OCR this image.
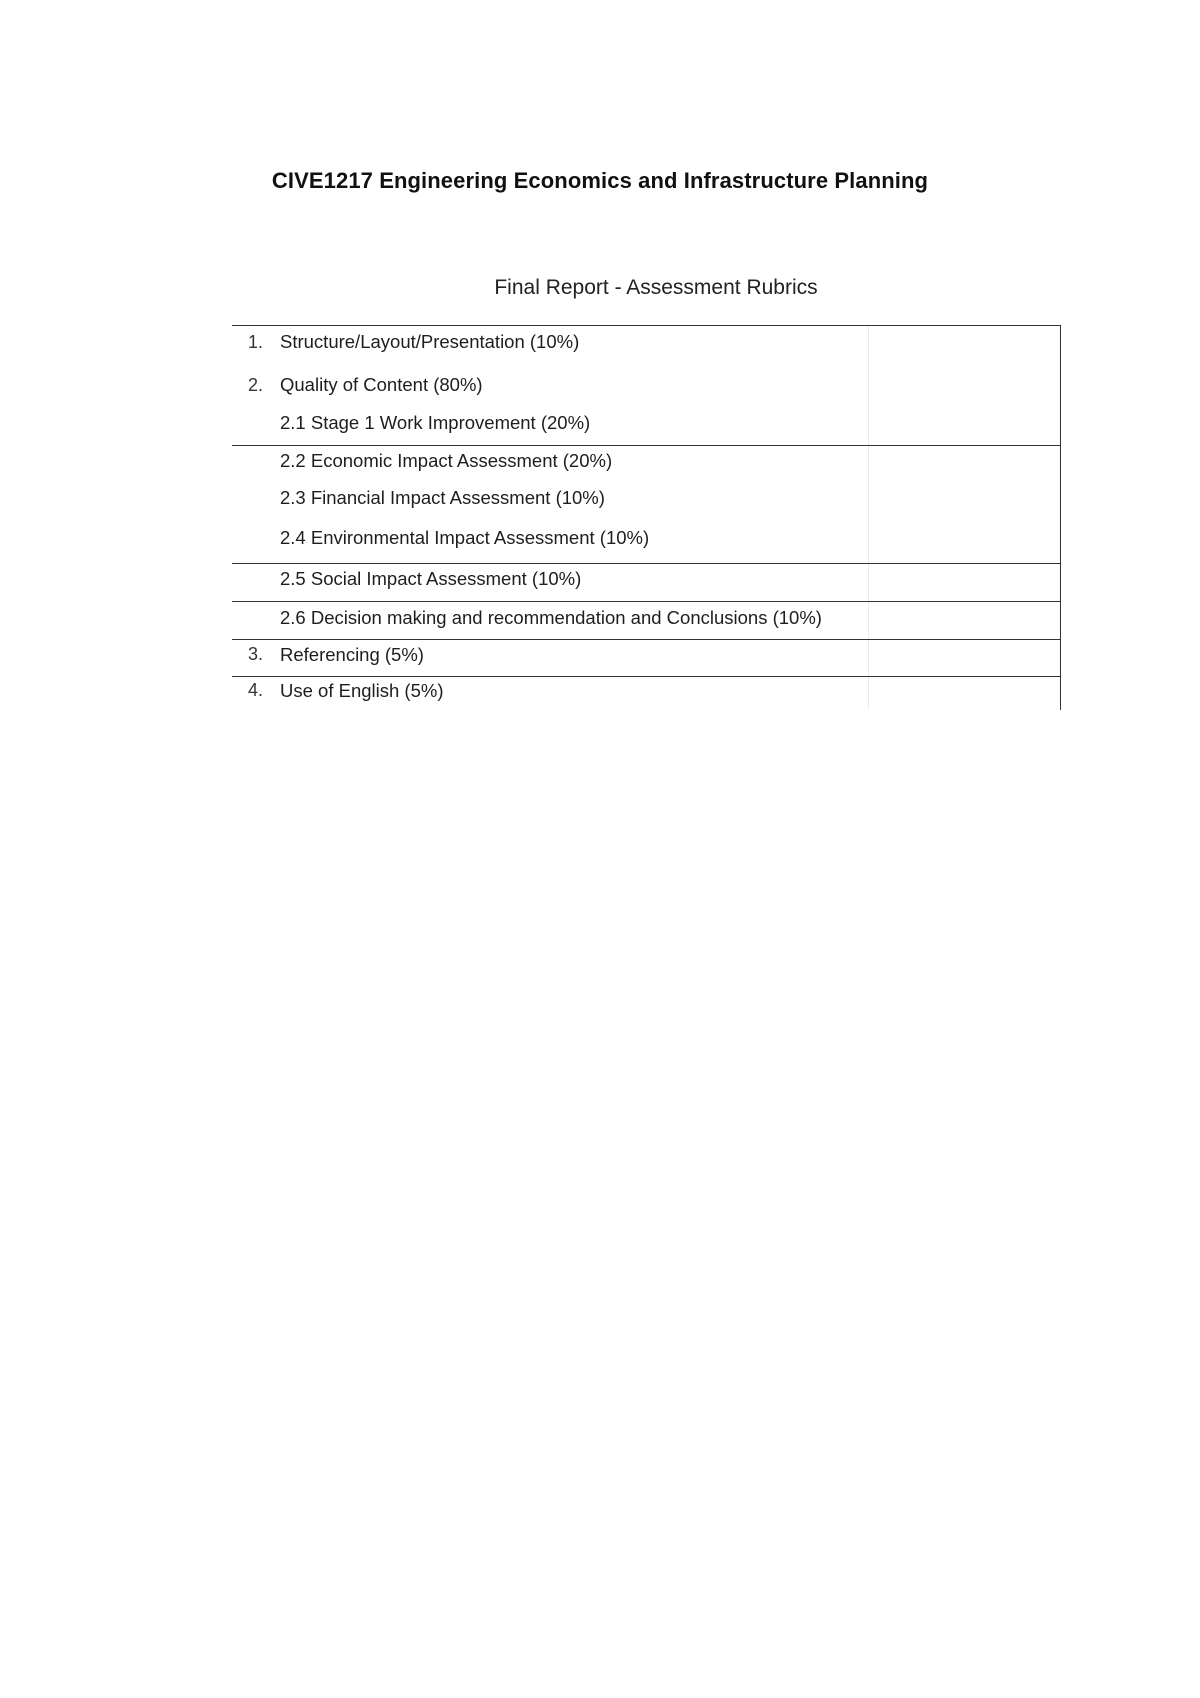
CIVE1217 Engineering Economics and Infrastructure Planning
Final Report - Assessment Rubrics
1. Structure/Layout/Presentation (10%)
2. Quality of Content (80%)
2.1 Stage 1 Work Improvement (20%)
2.2 Economic Impact Assessment (20%)
2.3 Financial Impact Assessment (10%)
2.4 Environmental Impact Assessment (10%)
2.5 Social Impact Assessment (10%)
2.6 Decision making and recommendation and Conclusions (10%)
3. Referencing (5%)
4. Use of English (5%)
